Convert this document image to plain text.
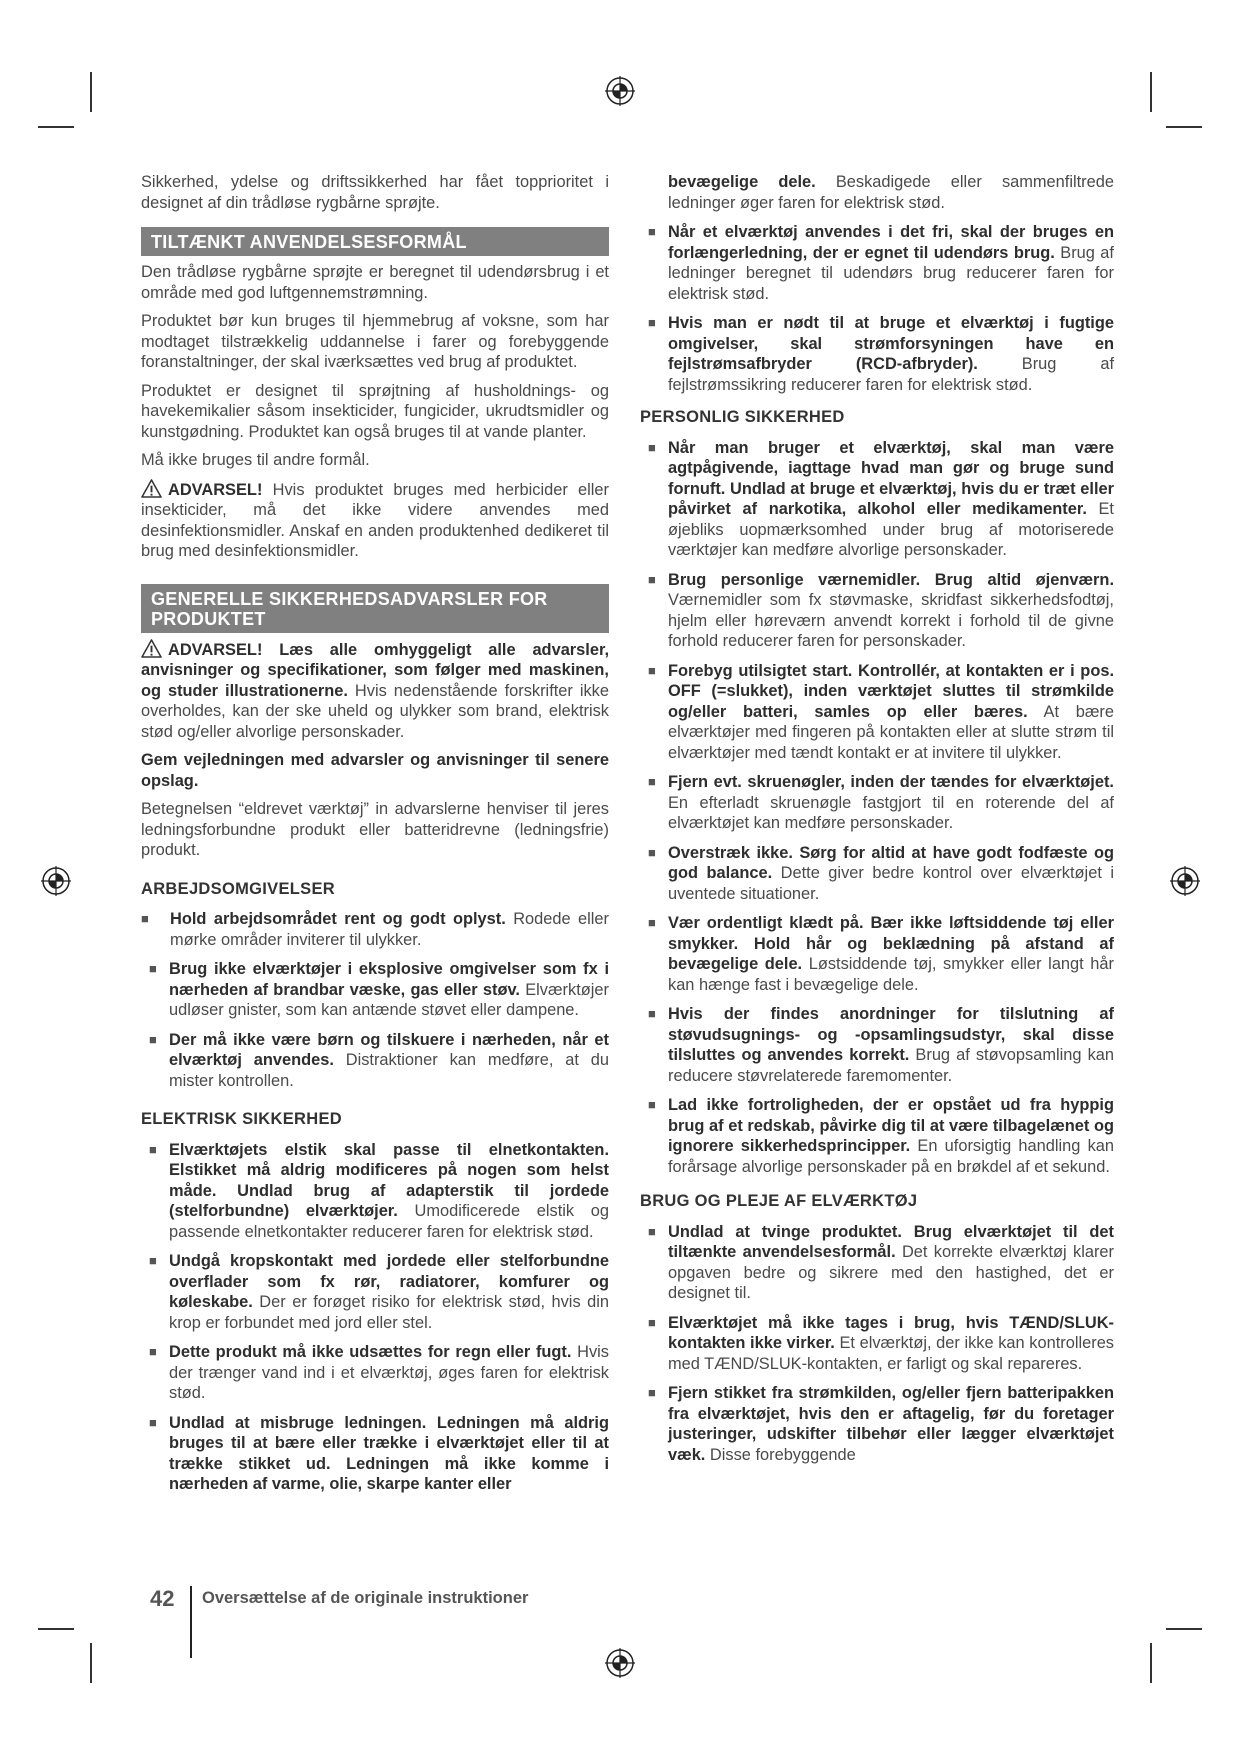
Sikkerhed, ydelse og driftssikkerhed har fået topprioritet i designet af din trådløse rygbårne sprøjte.

TILTÆNKT ANVENDELSESFORMÅL

Den trådløse rygbårne sprøjte er beregnet til udendørsbrug i et område med god luftgennemstrømning.

Produktet bør kun bruges til hjemmebrug af voksne, som har modtaget tilstrækkelig uddannelse i farer og forebyggende foranstaltninger, der skal iværksættes ved brug af produktet.

Produktet er designet til sprøjtning af husholdnings- og havekemikalier såsom insekticider, fungicider, ukrudtsmidler og kunstgødning. Produktet kan også bruges til at vande planter.

Må ikke bruges til andre formål.

ADVARSEL! Hvis produktet bruges med herbicider eller insekticider, må det ikke videre anvendes med desinfektionsmidler. Anskaf en anden produktenhed dedikeret til brug med desinfektionsmidler.

GENERELLE SIKKERHEDSADVARSLER FOR PRODUKTET

ADVARSEL! Læs alle omhyggeligt alle advarsler, anvisninger og specifikationer, som følger med maskinen, og studer illustrationerne. Hvis nedenstående forskrifter ikke overholdes, kan der ske uheld og ulykker som brand, elektrisk stød og/eller alvorlige personskader.

Gem vejledningen med advarsler og anvisninger til senere opslag.

Betegnelsen “eldrevet værktøj” in advarslerne henviser til jeres ledningsforbundne produkt eller batteridrevne (ledningsfrie) produkt.

ARBEJDSOMGIVELSER
■ Hold arbejdsområdet rent og godt oplyst. Rodede eller mørke områder inviterer til ulykker.
■ Brug ikke elværktøjer i eksplosive omgivelser som fx i nærheden af brandbar væske, gas eller støv. Elværktøjer udløser gnister, som kan antænde støvet eller dampene.
■ Der må ikke være børn og tilskuere i nærheden, når et elværktøj anvendes. Distraktioner kan medføre, at du mister kontrollen.
ELEKTRISK SIKKERHED
■ Elværktøjets elstik skal passe til elnetkontakten. Elstikket må aldrig modificeres på nogen som helst måde. Undlad brug af adapterstik til jordede (stelforbundne) elværktøjer. Umodificerede elstik og passende elnetkontakter reducerer faren for elektrisk stød.
■ Undgå kropskontakt med jordede eller stelforbundne overflader som fx rør, radiatorer, komfurer og køleskabe. Der er forøget risiko for elektrisk stød, hvis din krop er forbundet med jord eller stel.
■ Dette produkt må ikke udsættes for regn eller fugt. Hvis der trænger vand ind i et elværktøj, øges faren for elektrisk stød.
■ Undlad at misbruge ledningen. Ledningen må aldrig bruges til at bære eller trække i elværktøjet eller til at trække stikket ud. Ledningen må ikke komme i nærheden af varme, olie, skarpe kanter eller
bevægelige dele. Beskadigede eller sammenfiltrede ledninger øger faren for elektrisk stød.
■ Når et elværktøj anvendes i det fri, skal der bruges en forlængerledning, der er egnet til udendørs brug. Brug af ledninger beregnet til udendørs brug reducerer faren for elektrisk stød.
■ Hvis man er nødt til at bruge et elværktøj i fugtige omgivelser, skal strømforsyningen have en fejlstrømsafbryder (RCD-afbryder). Brug af fejlstrømssikring reducerer faren for elektrisk stød.
PERSONLIG SIKKERHED
■ Når man bruger et elværktøj, skal man være agtpågivende, iagttage hvad man gør og bruge sund fornuft. Undlad at bruge et elværktøj, hvis du er træt eller påvirket af narkotika, alkohol eller medikamenter. Et øjebliks uopmærksomhed under brug af motoriserede værktøjer kan medføre alvorlige personskader.
■ Brug personlige værnemidler. Brug altid øjenværn. Værnemidler som fx støvmaske, skridfast sikkerhedsfodtøj, hjelm eller høreværn anvendt korrekt i forhold til de givne forhold reducerer faren for personskader.
■ Forebyg utilsigtet start. Kontrollér, at kontakten er i pos. OFF (=slukket), inden værktøjet sluttes til strømkilde og/eller batteri, samles op eller bæres. At bære elværktøjer med fingeren på kontakten eller at slutte strøm til elværktøjer med tændt kontakt er at invitere til ulykker.
■ Fjern evt. skruenøgler, inden der tændes for elværktøjet. En efterladt skruenøgle fastgjort til en roterende del af elværktøjet kan medføre personskader.
■ Overstræk ikke. Sørg for altid at have godt fodfæste og god balance. Dette giver bedre kontrol over elværktøjet i uventede situationer.
■ Vær ordentligt klædt på. Bær ikke løftsiddende tøj eller smykker. Hold hår og beklædning på afstand af bevægelige dele. Løstsiddende tøj, smykker eller langt hår kan hænge fast i bevægelige dele.
■ Hvis der findes anordninger for tilslutning af støvudsugnings- og -opsamlingsudstyr, skal disse tilsluttes og anvendes korrekt. Brug af støvopsamling kan reducere støvrelaterede faremomenter.
■ Lad ikke fortroligheden, der er opstået ud fra hyppig brug af et redskab, påvirke dig til at være tilbagelænet og ignorere sikkerhedsprincipper. En uforsigtig handling kan forårsage alvorlige personskader på en brøkdel af et sekund.
BRUG OG PLEJE AF ELVÆRKTØJ
■ Undlad at tvinge produktet. Brug elværktøjet til det tiltænkte anvendelsesformål. Det korrekte elværktøj klarer opgaven bedre og sikrere med den hastighed, det er designet til.
■ Elværktøjet må ikke tages i brug, hvis TÆND/SLUK-kontakten ikke virker. Et elværktøj, der ikke kan kontrolleres med TÆND/SLUK-kontakten, er farligt og skal repareres.
■ Fjern stikket fra strømkilden, og/eller fjern batteripakken fra elværktøjet, hvis den er aftagelig, før du foretager justeringer, udskifter tilbehør eller lægger elværktøjet væk. Disse forebyggende
42 Oversættelse af de originale instruktioner
